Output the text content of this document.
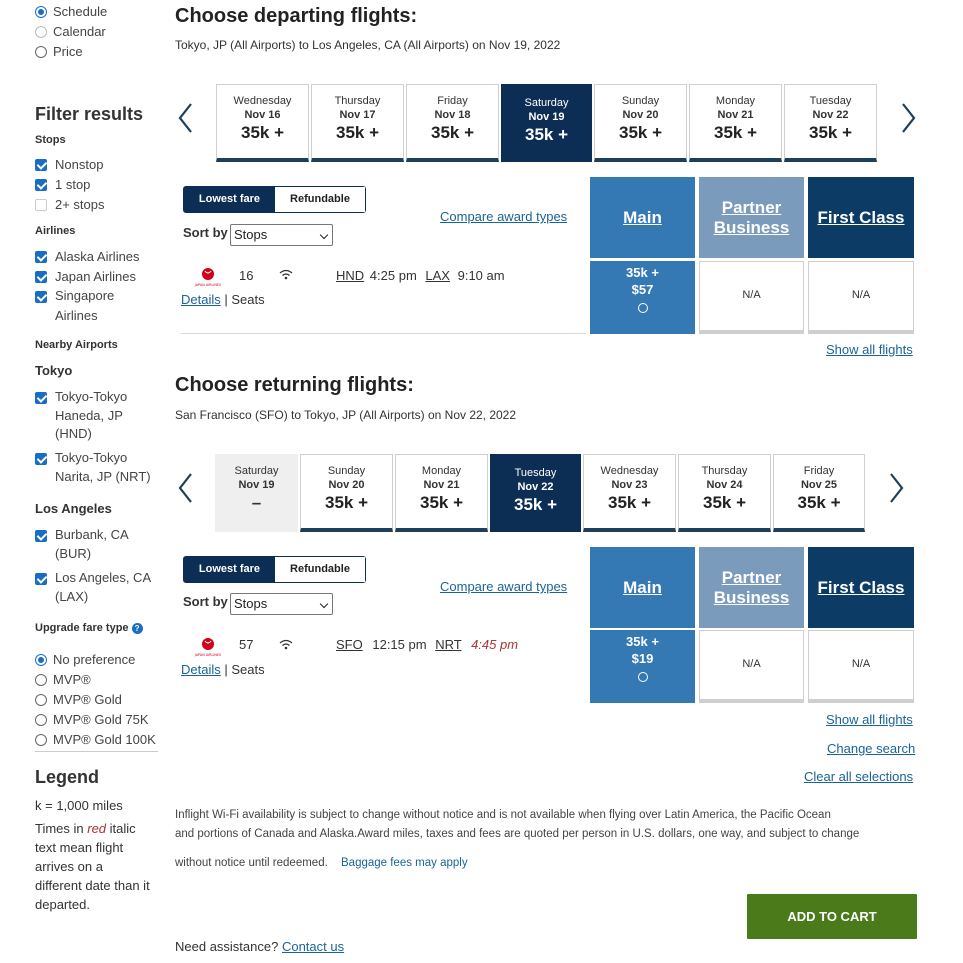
Schedule
Calendar
Price
Filter results
Stops
Nonstop
1 stop
2+ stops
Airlines
Alaska Airlines
Japan Airlines
Singapore
Airlines
Nearby Airports
Tokyo
Tokyo-Tokyo
Haneda, JP
(HND)
Tokyo-Tokyo
Narita, JP (NRT)
Los Angeles
Burbank, CA
(BUR)
Los Angeles, CA
(LAX)
Upgrade fare type ?
No preference
MVP®
MVP® Gold
MVP® Gold 75K
MVP® Gold 100K
Legend
k = 1,000 miles
Times in red italic
text mean flight
arrives on a
different date than it
departed.
Choose departing flights:
Tokyo, JP (All Airports) to Los Angeles, CA (All Airports) on Nov 19, 2022
Wednesday
Nov 16
35k +
Thursday
Nov 17
35k +
Friday
Nov 18
35k +
Saturday
Nov 19
35k +
Sunday
Nov 20
35k +
Monday
Nov 21
35k +
Tuesday
Nov 22
35k +
Lowest fare	Refundable
Sort by Stops
Compare award types	Main
Partner Business
First Class
JAPAN AIRLINES
16	HND 4:25 pm LAX 9:10 am
Details | Seats
35k +
$57	N/A	N/A
Show all flights
Choose returning flights:
San Francisco (SFO) to Tokyo, JP (All Airports) on Nov 22, 2022
Saturday
Nov 19
–
Sunday
Nov 20
35k +
Monday
Nov 21
35k +
Tuesday
Nov 22
35k +
Wednesday
Nov 23
35k +
Thursday
Nov 24
35k +
Friday
Nov 25
35k +
Lowest fare	Refundable
Sort by Stops
Compare award types	Main
Partner Business
First Class
JAPAN AIRLINES
57	SFO 12:15 pm NRT 4:45 pm
Details | Seats
35k +
$19	N/A	N/A
Show all flights
Change search
Clear all selections
Inflight Wi-Fi availability is subject to change without notice and is not available when flying over Latin America, the Pacific Ocean
and portions of Canada and Alaska.Award miles, taxes and fees are quoted per person in U.S. dollars, one way, and subject to change
without notice until redeemed. Baggage fees may apply
ADD TO CART
Need assistance? Contact us
